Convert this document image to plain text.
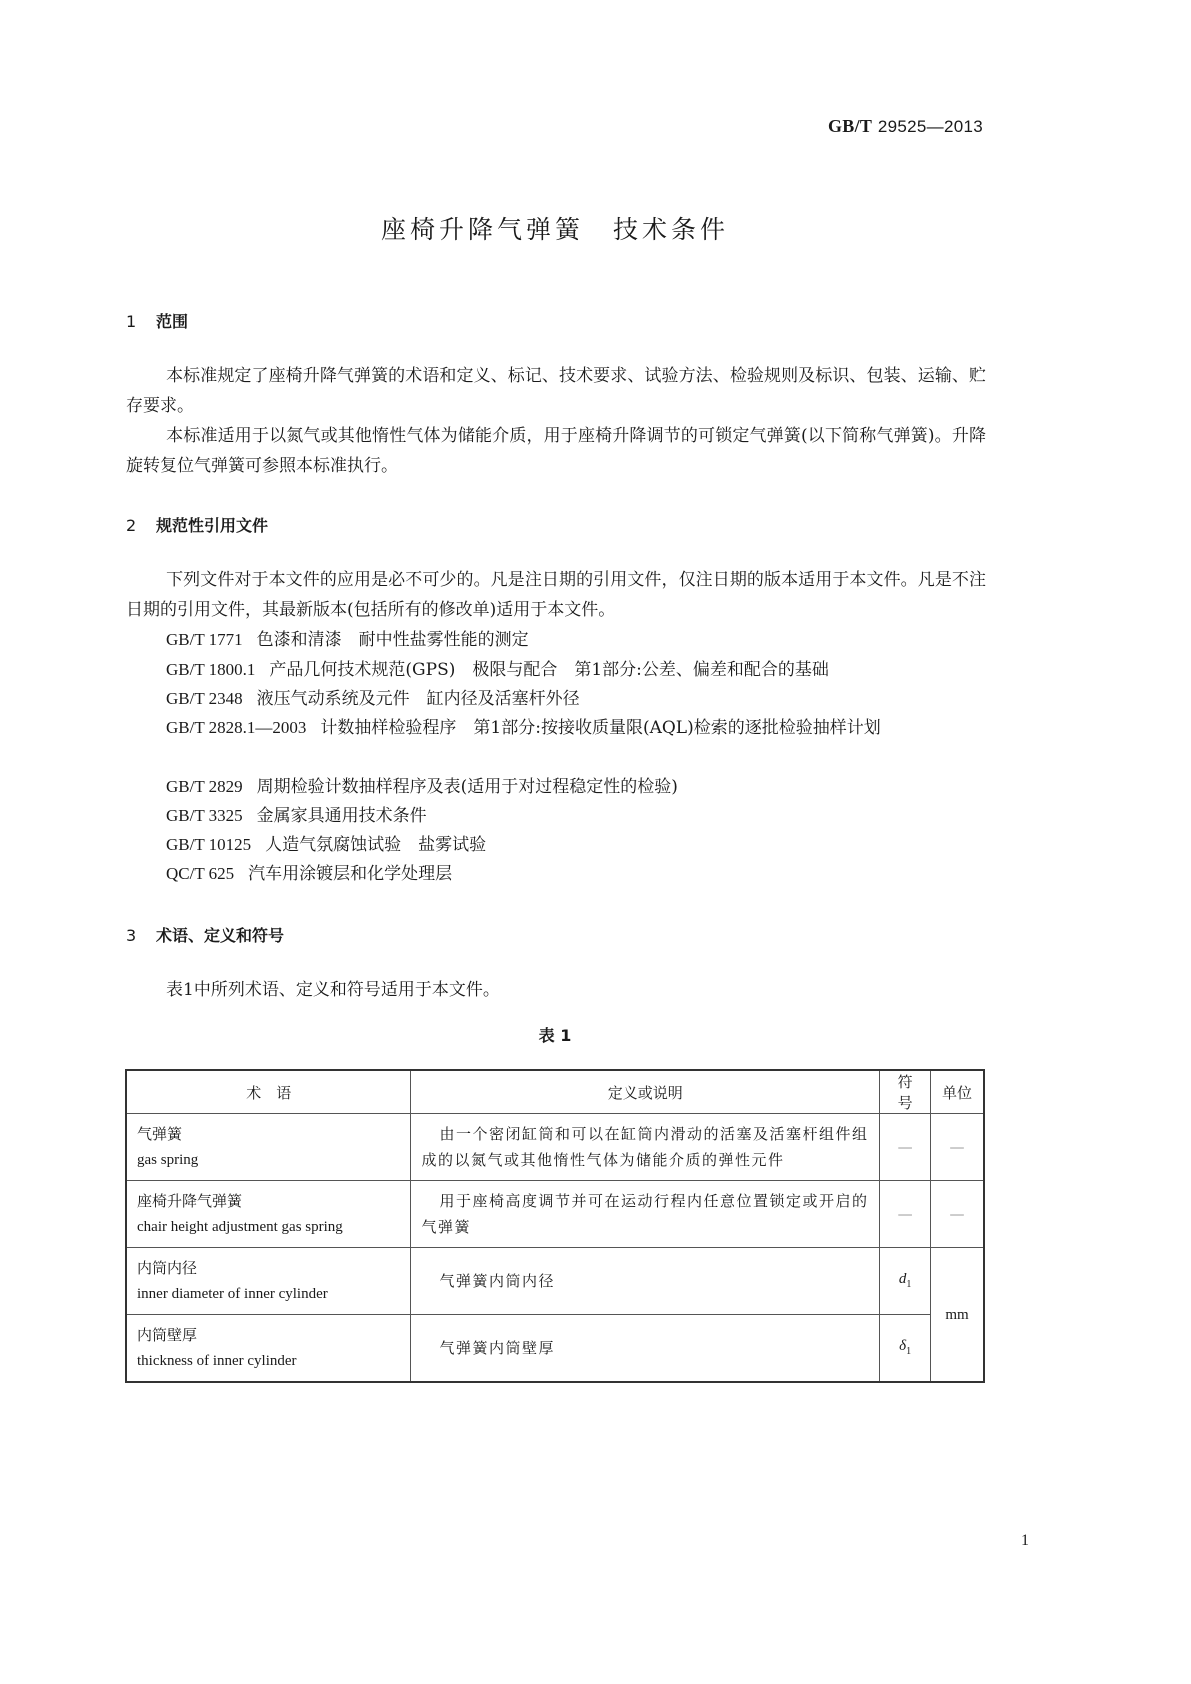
GB/T 29525—2013
座椅升降气弹簧　技术条件
1 范围
本标准规定了座椅升降气弹簧的术语和定义、标记、技术要求、试验方法、检验规则及标识、包装、运输、贮存要求。
本标准适用于以氮气或其他惰性气体为储能介质，用于座椅升降调节的可锁定气弹簧(以下简称气弹簧)。升降旋转复位气弹簧可参照本标准执行。
2 规范性引用文件
下列文件对于本文件的应用是必不可少的。凡是注日期的引用文件，仅注日期的版本适用于本文件。凡是不注日期的引用文件，其最新版本(包括所有的修改单)适用于本文件。
GB/T 1771 色漆和清漆　耐中性盐雾性能的测定
GB/T 1800.1 产品几何技术规范(GPS)　极限与配合　第1部分:公差、偏差和配合的基础
GB/T 2348 液压气动系统及元件　缸内径及活塞杆外径
GB/T 2828.1—2003 计数抽样检验程序　第1部分:按接收质量限(AQL)检索的逐批检验抽样计划
GB/T 2829 周期检验计数抽样程序及表(适用于对过程稳定性的检验)
GB/T 3325 金属家具通用技术条件
GB/T 10125 人造气氛腐蚀试验　盐雾试验
QC/T 625 汽车用涂镀层和化学处理层
3 术语、定义和符号
表1中所列术语、定义和符号适用于本文件。
表 1
术　语	定义或说明	符号	单位

气弹簧
gas spring	由一个密闭缸筒和可以在缸筒内滑动的活塞及活塞杆组件组成的以氮气或其他惰性气体为储能介质的弹性元件	—	—

座椅升降气弹簧
chair height adjustment gas spring	用于座椅高度调节并可在运动行程内任意位置锁定或开启的气弹簧	—	—

内筒内径
inner diameter of inner cylinder	气弹簧内筒内径	$d_1$	mm

内筒壁厚
thickness of inner cylinder	气弹簧内筒壁厚	$\delta_1$
1
